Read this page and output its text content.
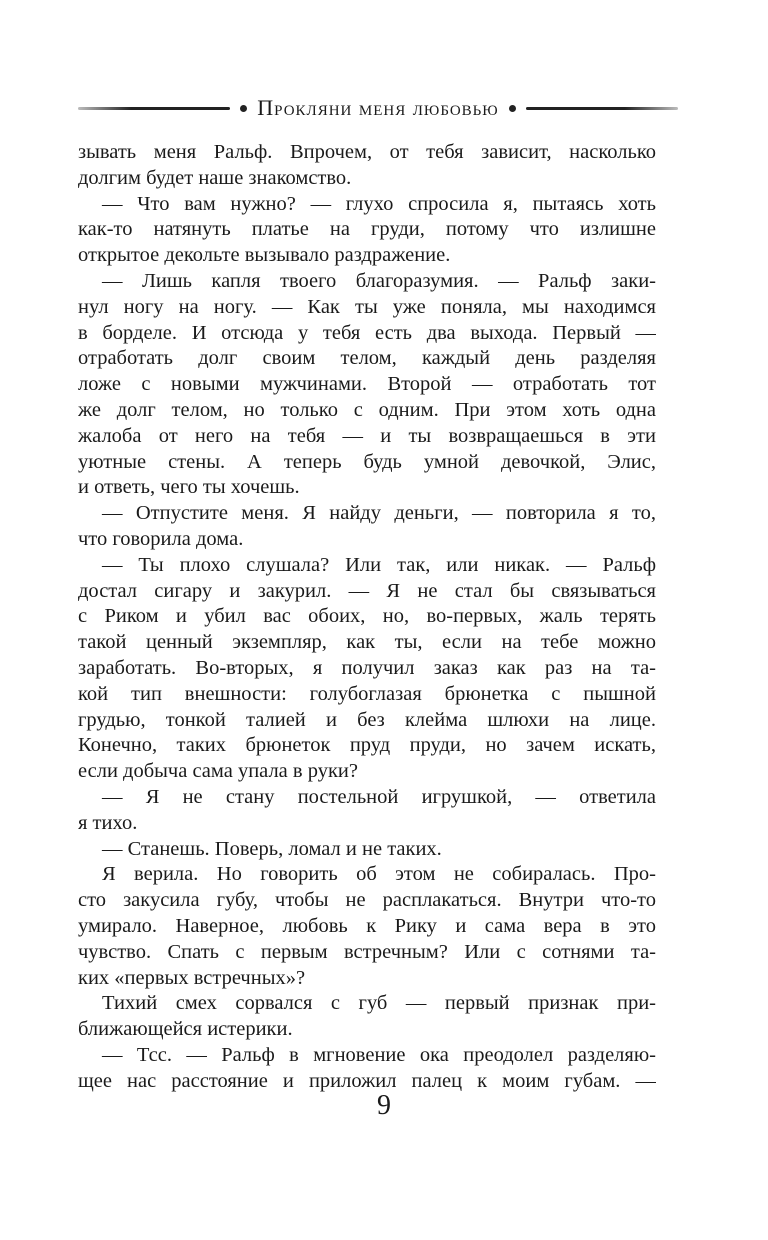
Прокляни меня любовью
зывать меня Ральф. Впрочем, от тебя зависит, насколько
долгим будет наше знакомство.
— Что вам нужно? — глухо спросила я, пытаясь хоть
как-то натянуть платье на груди, потому что излишне
открытое декольте вызывало раздражение.
— Лишь капля твоего благоразумия. — Ральф заки-
нул ногу на ногу. — Как ты уже поняла, мы находимся
в борделе. И отсюда у тебя есть два выхода. Первый —
отработать долг своим телом, каждый день разделяя
ложе с новыми мужчинами. Второй — отработать тот
же долг телом, но только с одним. При этом хоть одна
жалоба от него на тебя — и ты возвращаешься в эти
уютные стены. А теперь будь умной девочкой, Элис,
и ответь, чего ты хочешь.
— Отпустите меня. Я найду деньги, — повторила я то,
что говорила дома.
— Ты плохо слушала? Или так, или никак. — Ральф
достал сигару и закурил. — Я не стал бы связываться
с Риком и убил вас обоих, но, во-первых, жаль терять
такой ценный экземпляр, как ты, если на тебе можно
заработать. Во-вторых, я получил заказ как раз на та-
кой тип внешности: голубоглазая брюнетка с пышной
грудью, тонкой талией и без клейма шлюхи на лице.
Конечно, таких брюнеток пруд пруди, но зачем искать,
если добыча сама упала в руки?
— Я не стану постельной игрушкой, — ответила
я тихо.
— Станешь. Поверь, ломал и не таких.
Я верила. Но говорить об этом не собиралась. Про-
сто закусила губу, чтобы не расплакаться. Внутри что-то
умирало. Наверное, любовь к Рику и сама вера в это
чувство. Спать с первым встречным? Или с сотнями та-
ких «первых встречных»?
Тихий смех сорвался с губ — первый признак при-
ближающейся истерики.
— Тсс. — Ральф в мгновение ока преодолел разделяю-
щее нас расстояние и приложил палец к моим губам. —
9
